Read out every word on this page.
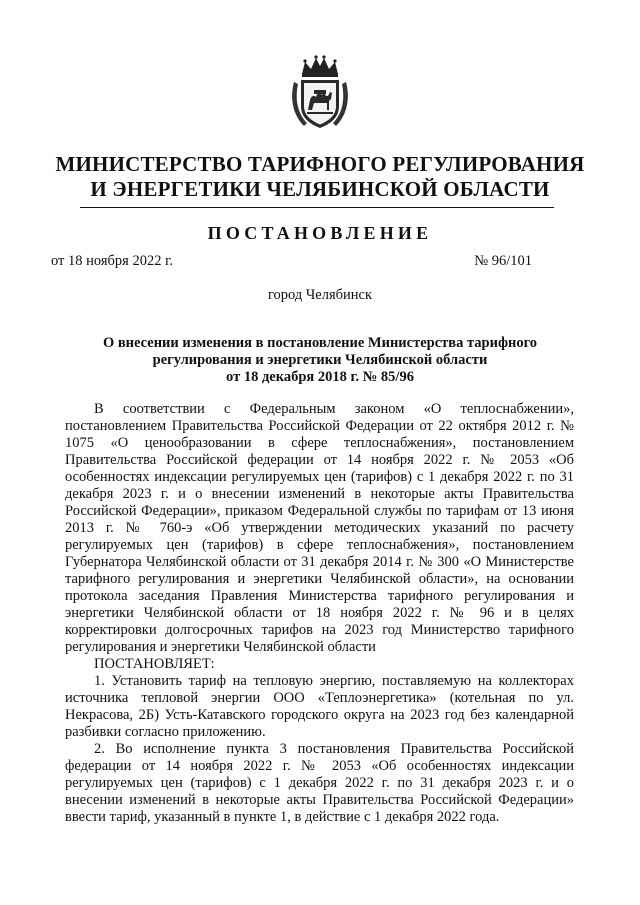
МИНИСТЕРСТВО ТАРИФНОГО РЕГУЛИРОВАНИЯ
И ЭНЕРГЕТИКИ ЧЕЛЯБИНСКОЙ ОБЛАСТИ
ПОСТАНОВЛЕНИЕ
от 18 ноября 2022 г.	№ 96/101
город Челябинск
О внесении изменения в постановление Министерства тарифного
регулирования и энергетики Челябинской области
от 18 декабря 2018 г. № 85/96

В соответствии с Федеральным законом «О теплоснабжении», постановлением Правительства Российской Федерации от 22 октября 2012 г. № 1075 «О ценообразовании в сфере теплоснабжения», постановлением Правительства Российской федерации от 14 ноября 2022 г. № 2053 «Об особенностях индексации регулируемых цен (тарифов) с 1 декабря 2022 г. по 31 декабря 2023 г. и о внесении изменений в некоторые акты Правительства Российской Федерации», приказом Федеральной службы по тарифам от 13 июня 2013 г. № 760-э «Об утверждении методических указаний по расчету регулируемых цен (тарифов) в сфере теплоснабжения», постановлением Губернатора Челябинской области от 31 декабря 2014 г. № 300 «О Министерстве тарифного регулирования и энергетики Челябинской области», на основании протокола заседания Правления Министерства тарифного регулирования и энергетики Челябинской области от 18 ноября 2022 г. № 96 и в целях корректировки долгосрочных тарифов на 2023 год Министерство тарифного регулирования и энергетики Челябинской области

ПОСТАНОВЛЯЕТ:

1. Установить тариф на тепловую энергию, поставляемую на коллекторах источника тепловой энергии ООО «Теплоэнергетика» (котельная по ул. Некрасова, 2Б) Усть-Катавского городского округа на 2023 год без календарной разбивки согласно приложению.

2. Во исполнение пункта 3 постановления Правительства Российской федерации от 14 ноября 2022 г. № 2053 «Об особенностях индексации регулируемых цен (тарифов) с 1 декабря 2022 г. по 31 декабря 2023 г. и о внесении изменений в некоторые акты Правительства Российской Федерации» ввести тариф, указанный в пункте 1, в действие с 1 декабря 2022 года.
